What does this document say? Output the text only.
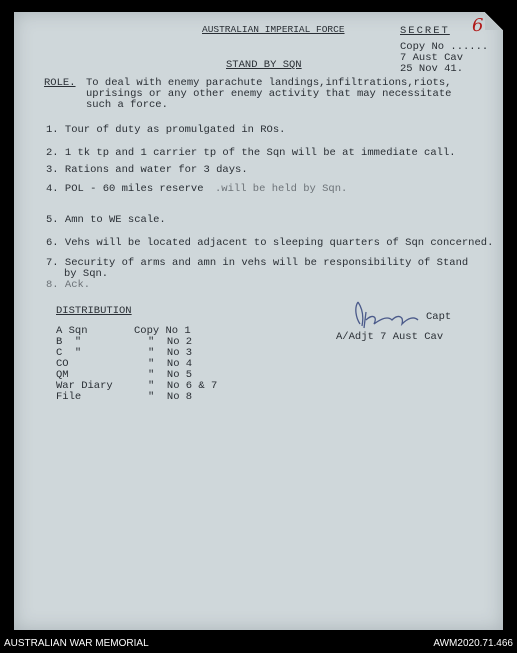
AUSTRALIAN IMPERIAL FORCE	SECRET 6
Copy No ......
7 Aust Cav
25 Nov 41.
STAND BY SQN
ROLE. To deal with enemy parachute landings,infiltrations,riots,
uprisings or any other enemy activity that may necessitate
such a force.
1. Tour of duty as promulgated in ROs.
2. 1 tk tp and 1 carrier tp of the Sqn will be at immediate call.
3. Rations and water for 3 days.
4. POL - 60 miles reserve .will be held by Sqn.
5. Amn to WE scale.
6. Vehs will be located adjacent to sleeping quarters of Sqn concerned.
7. Security of arms and amn in vehs will be responsibility of Stand
by Sqn.
8. Ack.
DISTRIBUTION
A Sqn	Copy No 1
B  "	"  No 2
C  "	"  No 3
CO	"  No 4
QM	"  No 5
War Diary	"  No 6 & 7
File	"  No 8
Capt
A/Adjt 7 Aust Cav
AUSTRALIAN WAR MEMORIAL	AWM2020.71.466
